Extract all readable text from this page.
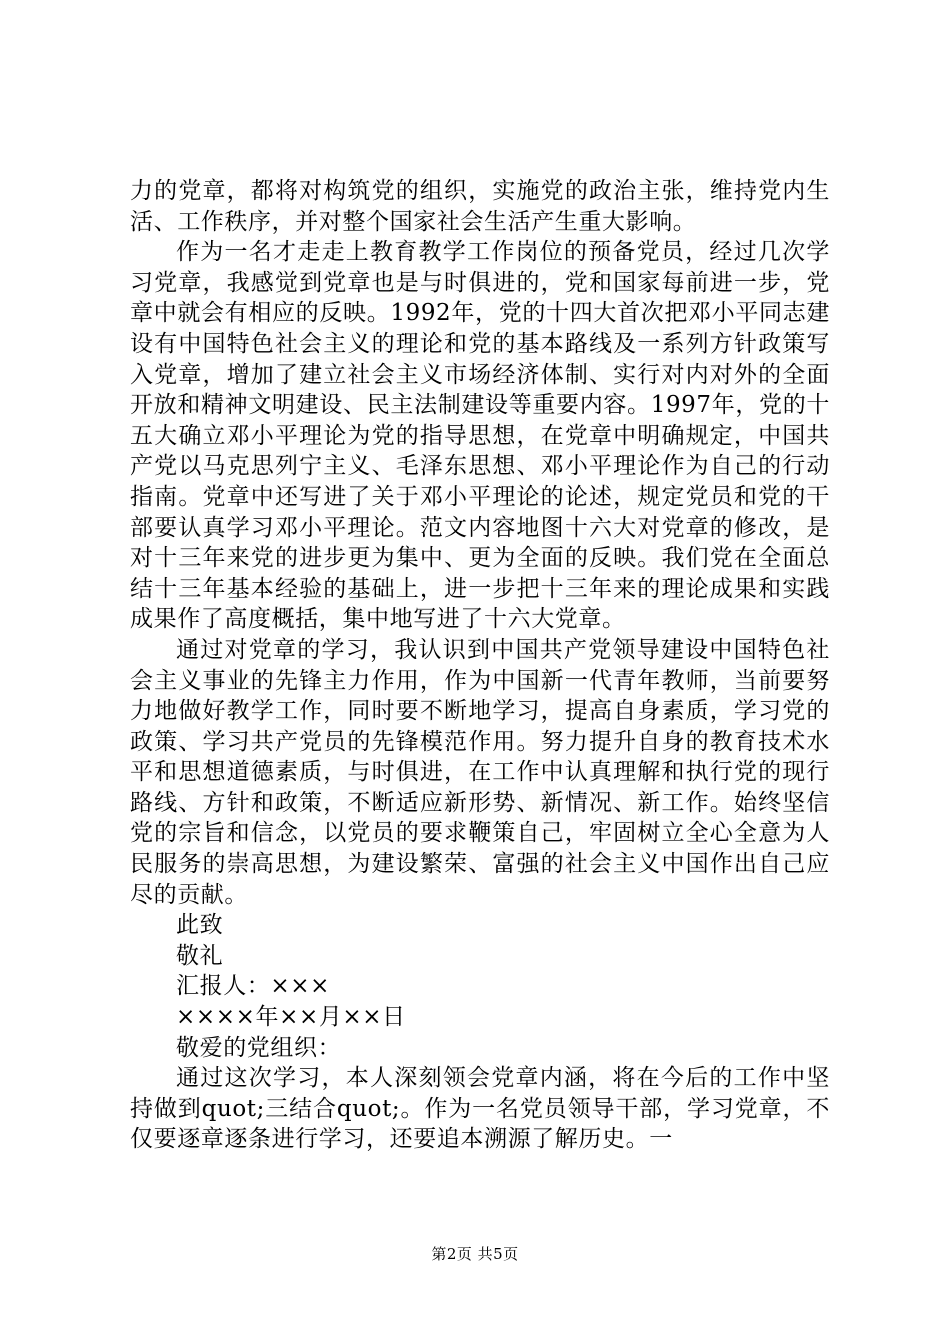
力的党章，都将对构筑党的组织，实施党的政治主张，维持党内生活、工作秩序，并对整个国家社会生活产生重大影响。

作为一名才走走上教育教学工作岗位的预备党员，经过几次学习党章，我感觉到党章也是与时俱进的，党和国家每前进一步，党章中就会有相应的反映。1992年，党的十四大首次把邓小平同志建设有中国特色社会主义的理论和党的基本路线及一系列方针政策写入党章，增加了建立社会主义市场经济体制、实行对内对外的全面开放和精神文明建设、民主法制建设等重要内容。1997年，党的十五大确立邓小平理论为党的指导思想，在党章中明确规定，中国共产党以马克思列宁主义、毛泽东思想、邓小平理论作为自己的行动指南。党章中还写进了关于邓小平理论的论述，规定党员和党的干部要认真学习邓小平理论。范文内容地图十六大对党章的修改，是对十三年来党的进步更为集中、更为全面的反映。我们党在全面总结十三年基本经验的基础上，进一步把十三年来的理论成果和实践成果作了高度概括，集中地写进了十六大党章。

通过对党章的学习，我认识到中国共产党领导建设中国特色社会主义事业的先锋主力作用，作为中国新一代青年教师，当前要努力地做好教学工作，同时要不断地学习，提高自身素质，学习党的政策、学习共产党员的先锋模范作用。努力提升自身的教育技术水平和思想道德素质，与时俱进，在工作中认真理解和执行党的现行路线、方针和政策，不断适应新形势、新情况、新工作。始终坚信党的宗旨和信念，以党员的要求鞭策自己，牢固树立全心全意为人民服务的崇高思想，为建设繁荣、富强的社会主义中国作出自己应尽的贡献。

此致

敬礼

汇报人：×××

××××年××月××日

敬爱的党组织：

通过这次学习，本人深刻领会党章内涵，将在今后的工作中坚持做到quot;三结合quot;。作为一名党员领导干部，学习党章，不仅要逐章逐条进行学习，还要追本溯源了解历史。一

第2页 共5页
